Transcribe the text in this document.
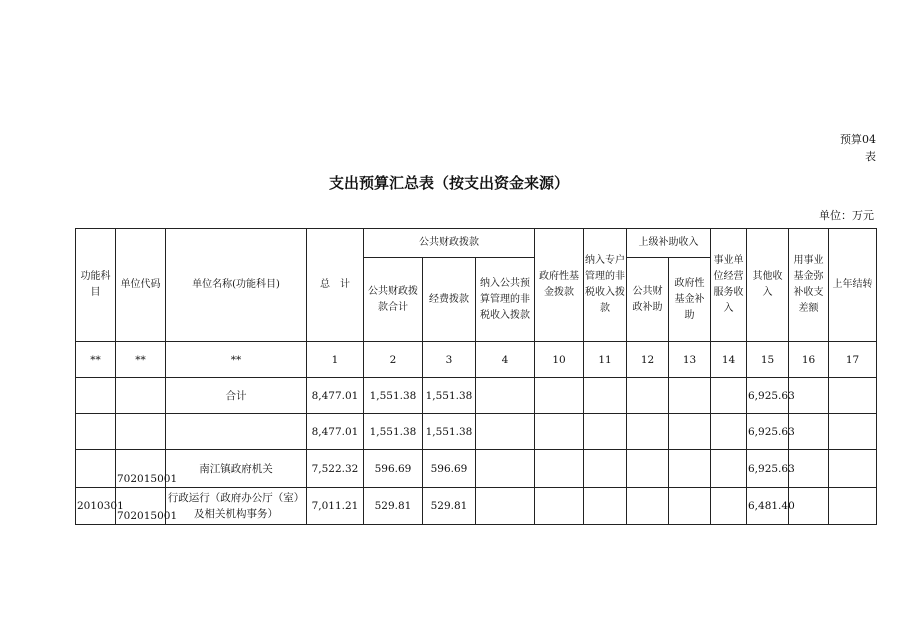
预算04表
支出预算汇总表（按支出资金来源）
单位：万元
功能科目	单位代码	单位名称(功能科目)	总　计	公共财政拨款			政府性基金拨款	纳入专户管理的非税收入拨款	上级补助收入		事业单位经营服务收入	其他收入	用事业基金弥补收支差额	上年结转
				公共财政拨款合计	经费拨款	纳入公共预算管理的非税收入拨款			公共财政补助	政府性基金补助				

**	**	**	1	2	3	4	10	11	12	13	14	15	16	17
		合计	8,477.01	1,551.38	1,551.38							6,925.63		
			8,477.01	1,551.38	1,551.38							6,925.63		
	702015001	南江镇政府机关	7,522.32	596.69	596.69							6,925.63		
2010301	702015001	行政运行（政府办公厅（室）及相关机构事务）	7,011.21	529.81	529.81							6,481.40		
